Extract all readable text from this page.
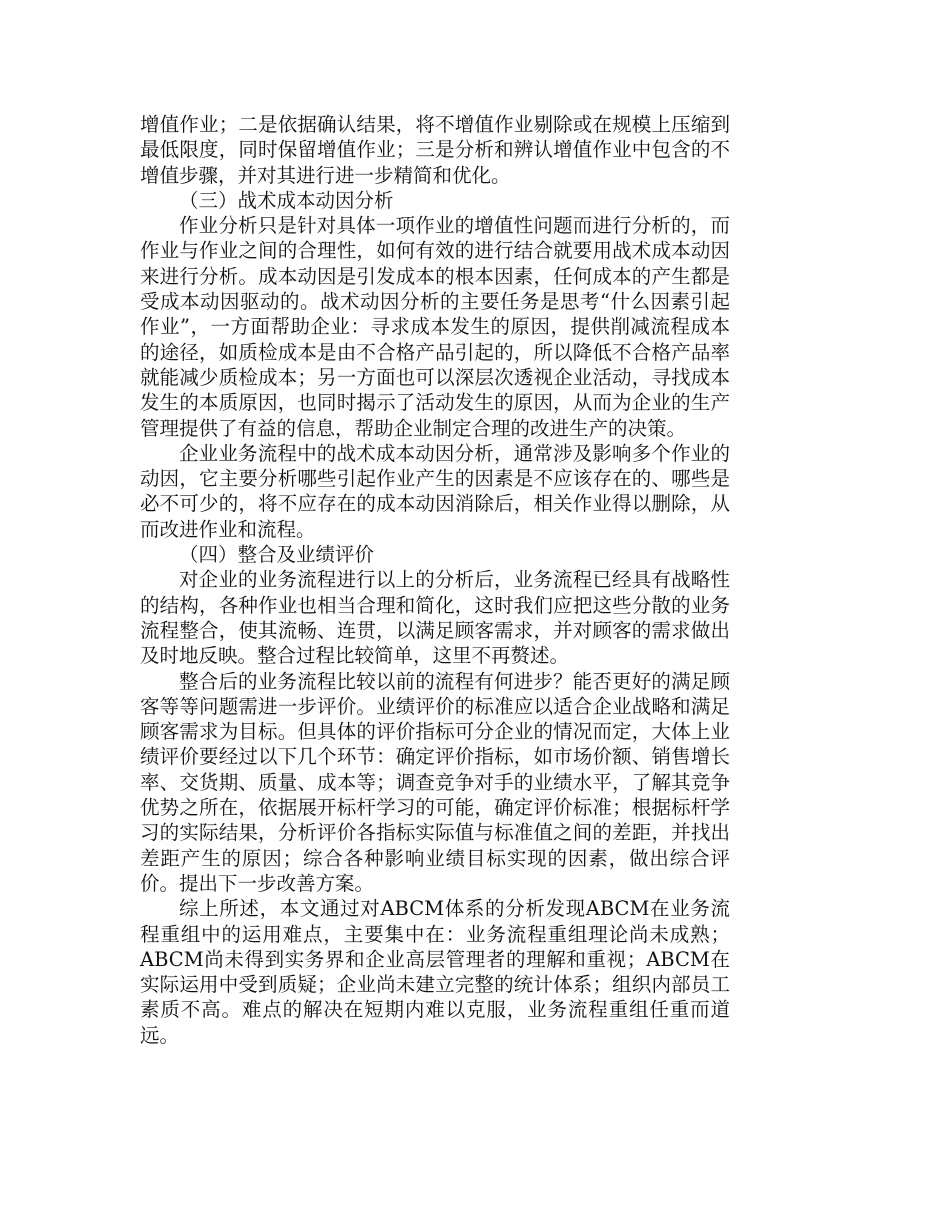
增值作业；二是依据确认结果，将不增值作业剔除或在规模上压缩到最低限度，同时保留增值作业；三是分析和辨认增值作业中包含的不增值步骤，并对其进行进一步精简和优化。

（三）战术成本动因分析

作业分析只是针对具体一项作业的增值性问题而进行分析的，而作业与作业之间的合理性，如何有效的进行结合就要用战术成本动因来进行分析。成本动因是引发成本的根本因素，任何成本的产生都是受成本动因驱动的。战术动因分析的主要任务是思考“什么因素引起作业”，一方面帮助企业：寻求成本发生的原因，提供削减流程成本的途径，如质检成本是由不合格产品引起的，所以降低不合格产品率就能减少质检成本；另一方面也可以深层次透视企业活动，寻找成本发生的本质原因，也同时揭示了活动发生的原因，从而为企业的生产管理提供了有益的信息，帮助企业制定合理的改进生产的决策。

企业业务流程中的战术成本动因分析，通常涉及影响多个作业的动因，它主要分析哪些引起作业产生的因素是不应该存在的、哪些是必不可少的，将不应存在的成本动因消除后，相关作业得以删除，从而改进作业和流程。

（四）整合及业绩评价

对企业的业务流程进行以上的分析后，业务流程已经具有战略性的结构，各种作业也相当合理和简化，这时我们应把这些分散的业务流程整合，使其流畅、连贯，以满足顾客需求，并对顾客的需求做出及时地反映。整合过程比较简单，这里不再赘述。

整合后的业务流程比较以前的流程有何进步？能否更好的满足顾客等等问题需进一步评价。业绩评价的标准应以适合企业战略和满足顾客需求为目标。但具体的评价指标可分企业的情况而定，大体上业绩评价要经过以下几个环节：确定评价指标，如市场价额、销售增长率、交货期、质量、成本等；调查竞争对手的业绩水平，了解其竞争优势之所在，依据展开标杆学习的可能，确定评价标准；根据标杆学习的实际结果，分析评价各指标实际值与标准值之间的差距，并找出差距产生的原因；综合各种影响业绩目标实现的因素，做出综合评价。提出下一步改善方案。

综上所述，本文通过对ABCM体系的分析发现ABCM在业务流程重组中的运用难点，主要集中在：业务流程重组理论尚未成熟；ABCM尚未得到实务界和企业高层管理者的理解和重视；ABCM在实际运用中受到质疑；企业尚未建立完整的统计体系；组织内部员工素质不高。难点的解决在短期内难以克服，业务流程重组任重而道远。
